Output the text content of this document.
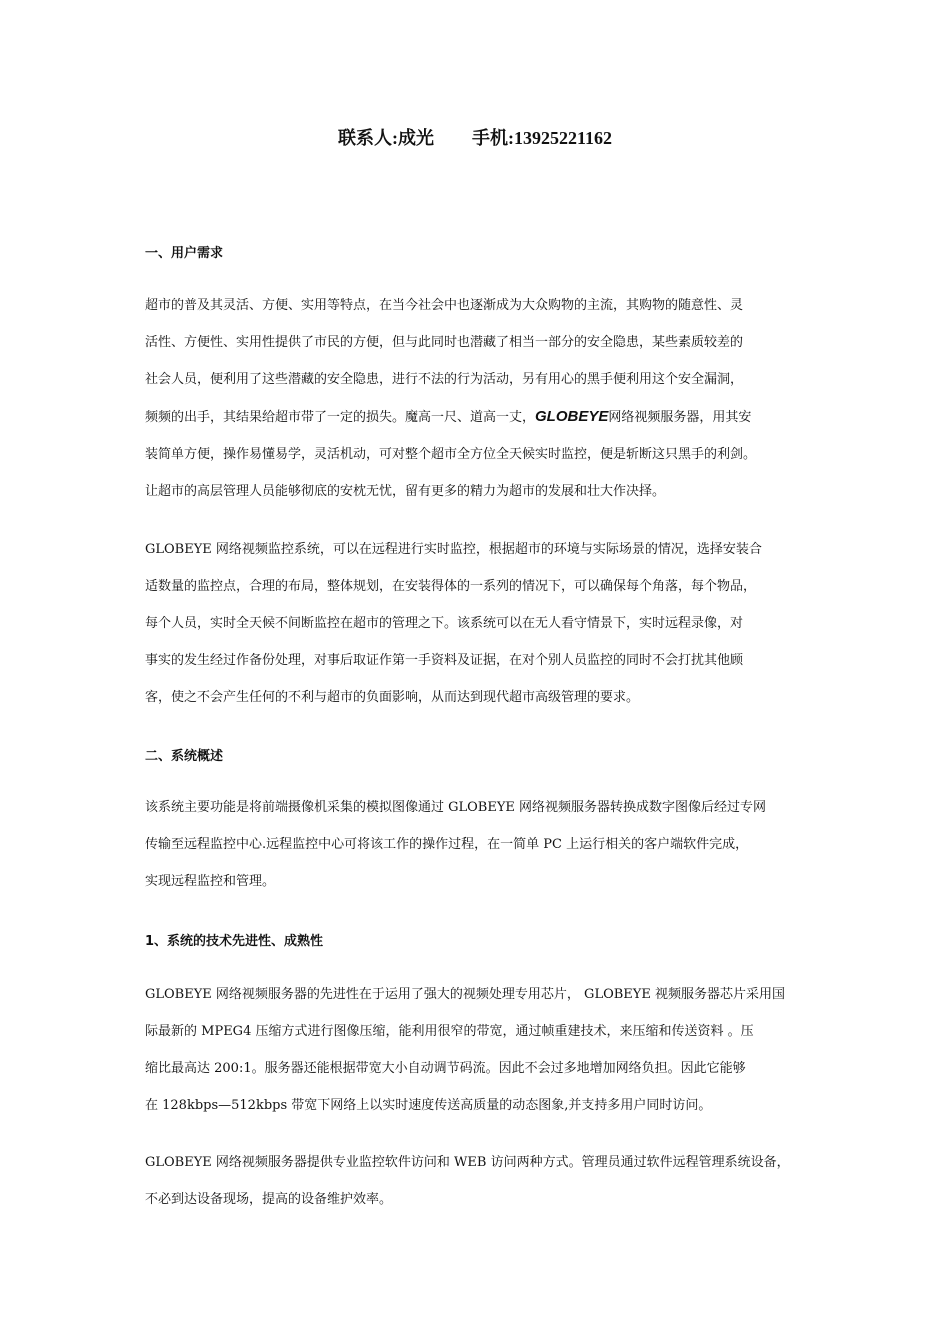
联系人:成光 手机:13925221162
一、用户需求
超市的普及其灵活、方便、实用等特点，在当今社会中也逐渐成为大众购物的主流，其购物的随意性、灵
活性、方便性、实用性提供了市民的方便，但与此同时也潜藏了相当一部分的安全隐患，某些素质较差的
社会人员，便利用了这些潜藏的安全隐患，进行不法的行为活动，另有用心的黑手便利用这个安全漏洞，
频频的出手，其结果给超市带了一定的损失。魔高一尺、道高一丈，GLOBEYE网络视频服务器，用其安
装简单方便，操作易懂易学，灵活机动，可对整个超市全方位全天候实时监控，便是斩断这只黑手的利剑。
让超市的高层管理人员能够彻底的安枕无忧，留有更多的精力为超市的发展和壮大作决择。
GLOBEYE 网络视频监控系统，可以在远程进行实时监控，根据超市的环境与实际场景的情况，选择安装合
适数量的监控点，合理的布局，整体规划，在安装得体的一系列的情况下，可以确保每个角落，每个物品，
每个人员，实时全天候不间断监控在超市的管理之下。该系统可以在无人看守情景下，实时远程录像，对
事实的发生经过作备份处理，对事后取证作第一手资料及证据，在对个别人员监控的同时不会打扰其他顾
客，使之不会产生任何的不利与超市的负面影响，从而达到现代超市高级管理的要求。
二、系统概述
该系统主要功能是将前端摄像机采集的模拟图像通过 GLOBEYE 网络视频服务器转换成数字图像后经过专网
传输至远程监控中心.远程监控中心可将该工作的操作过程，在一简单 PC 上运行相关的客户端软件完成，
实现远程监控和管理。
1、系统的技术先进性、成熟性
GLOBEYE 网络视频服务器的先进性在于运用了强大的视频处理专用芯片， GLOBEYE 视频服务器芯片采用国
际最新的 MPEG4 压缩方式进行图像压缩，能利用很窄的带宽，通过帧重建技术，来压缩和传送资料 。压
缩比最高达 200:1。服务器还能根据带宽大小自动调节码流。因此不会过多地增加网络负担。因此它能够
在 128kbps—512kbps 带宽下网络上以实时速度传送高质量的动态图象,并支持多用户同时访问。
GLOBEYE 网络视频服务器提供专业监控软件访问和 WEB 访问两种方式。管理员通过软件远程管理系统设备，
不必到达设备现场，提高的设备维护效率。
